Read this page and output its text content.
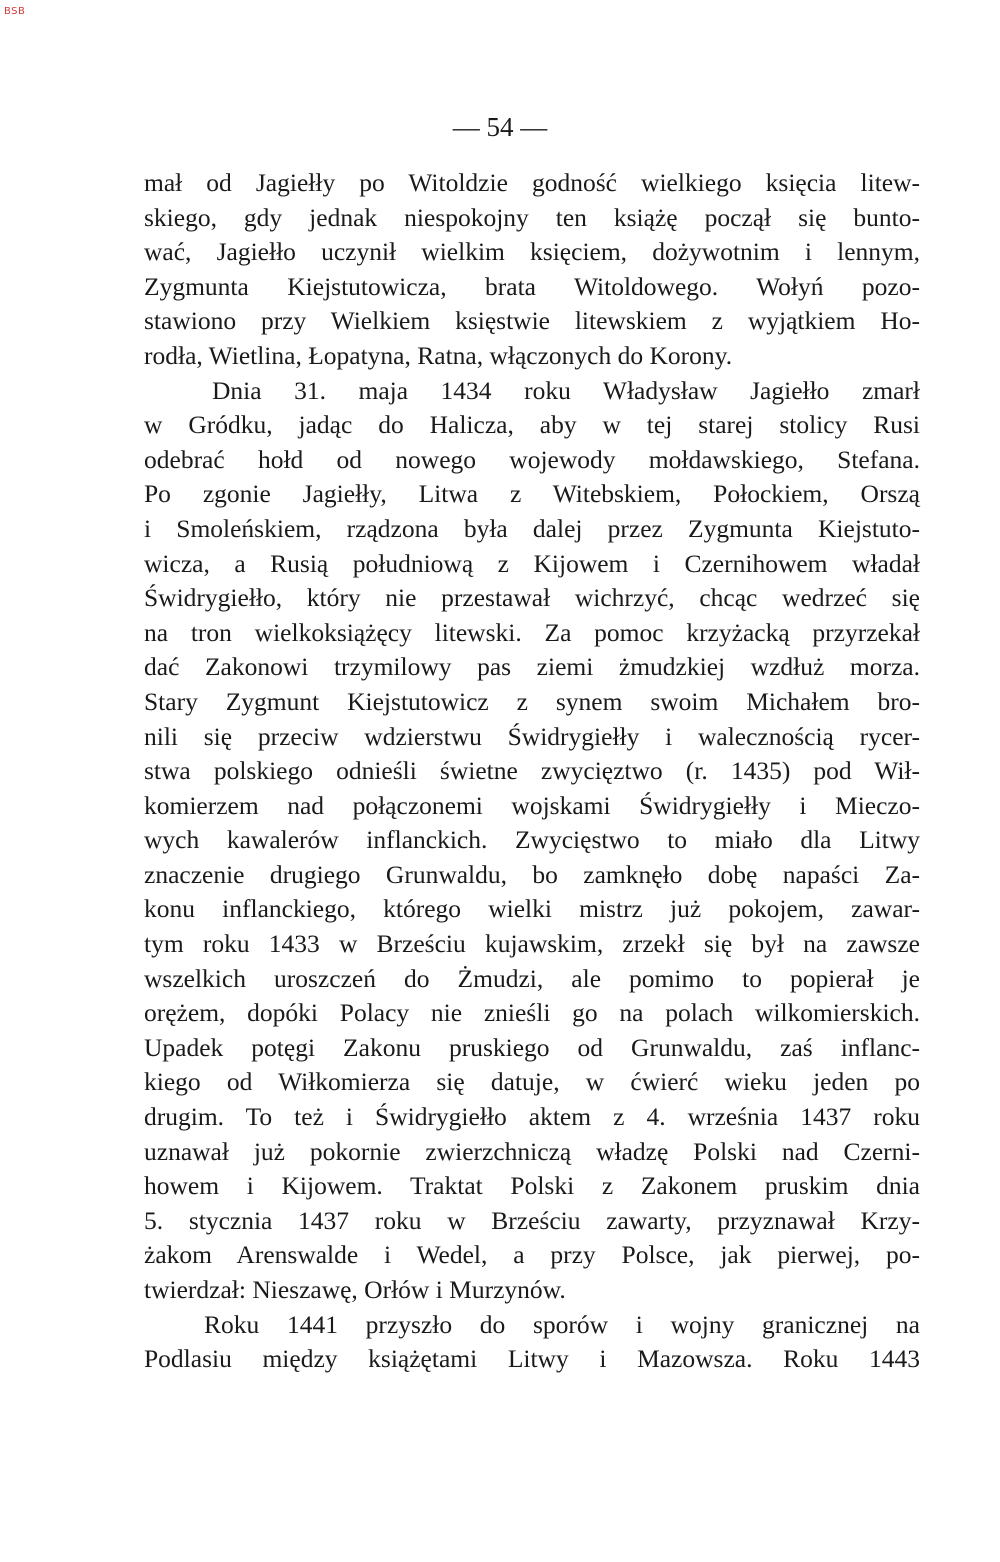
BSB
— 54 —
mał od Jagiełły po Witoldzie godność wielkiego księcia litew-
skiego, gdy jednak niespokojny ten książę począł się bunto-
wać, Jagiełło uczynił wielkim księciem, dożywotnim i lennym,
Zygmunta Kiejstutowicza, brata Witoldowego. Wołyń pozo-
stawiono przy Wielkiem księstwie litewskiem z wyjątkiem Ho-
rodła, Wietlina, Łopatyna, Ratna, włączonych do Korony.
Dnia 31. maja 1434 roku Władysław Jagiełło zmarł
w Gródku, jadąc do Halicza, aby w tej starej stolicy Rusi
odebrać hołd od nowego wojewody mołdawskiego, Stefana.
Po zgonie Jagiełły, Litwa z Witebskiem, Połockiem, Orszą
i Smoleńskiem, rządzona była dalej przez Zygmunta Kiejstuto-
wicza, a Rusią południową z Kijowem i Czernihowem władał
Świdrygiełło, który nie przestawał wichrzyć, chcąc wedrzeć się
na tron wielkoksiążęcy litewski. Za pomoc krzyżacką przyrzekał
dać Zakonowi trzymilowy pas ziemi żmudzkiej wzdłuż morza.
Stary Zygmunt Kiejstutowicz z synem swoim Michałem bro-
nili się przeciw wdzierstwu Świdrygiełły i walecznością rycer-
stwa polskiego odnieśli świetne zwycięztwo (r. 1435) pod Wił-
komierzem nad połączonemi wojskami Świdrygiełły i Mieczo-
wych kawalerów inflanckich. Zwycięstwo to miało dla Litwy
znaczenie drugiego Grunwaldu, bo zamknęło dobę napaści Za-
konu inflanckiego, którego wielki mistrz już pokojem, zawar-
tym roku 1433 w Brześciu kujawskim, zrzekł się był na zawsze
wszelkich uroszczeń do Żmudzi, ale pomimo to popierał je
orężem, dopóki Polacy nie znieśli go na polach wilkomierskich.
Upadek potęgi Zakonu pruskiego od Grunwaldu, zaś inflanc-
kiego od Wiłkomierza się datuje, w ćwierć wieku jeden po
drugim. To też i Świdrygiełło aktem z 4. września 1437 roku
uznawał już pokornie zwierzchniczą władzę Polski nad Czerni-
howem i Kijowem. Traktat Polski z Zakonem pruskim dnia
5. stycznia 1437 roku w Brześciu zawarty, przyznawał Krzy-
żakom Arenswalde i Wedel, a przy Polsce, jak pierwej, po-
twierdzał: Nieszawę, Orłów i Murzynów.
Roku 1441 przyszło do sporów i wojny granicznej na
Podlasiu między książętami Litwy i Mazowsza. Roku 1443
